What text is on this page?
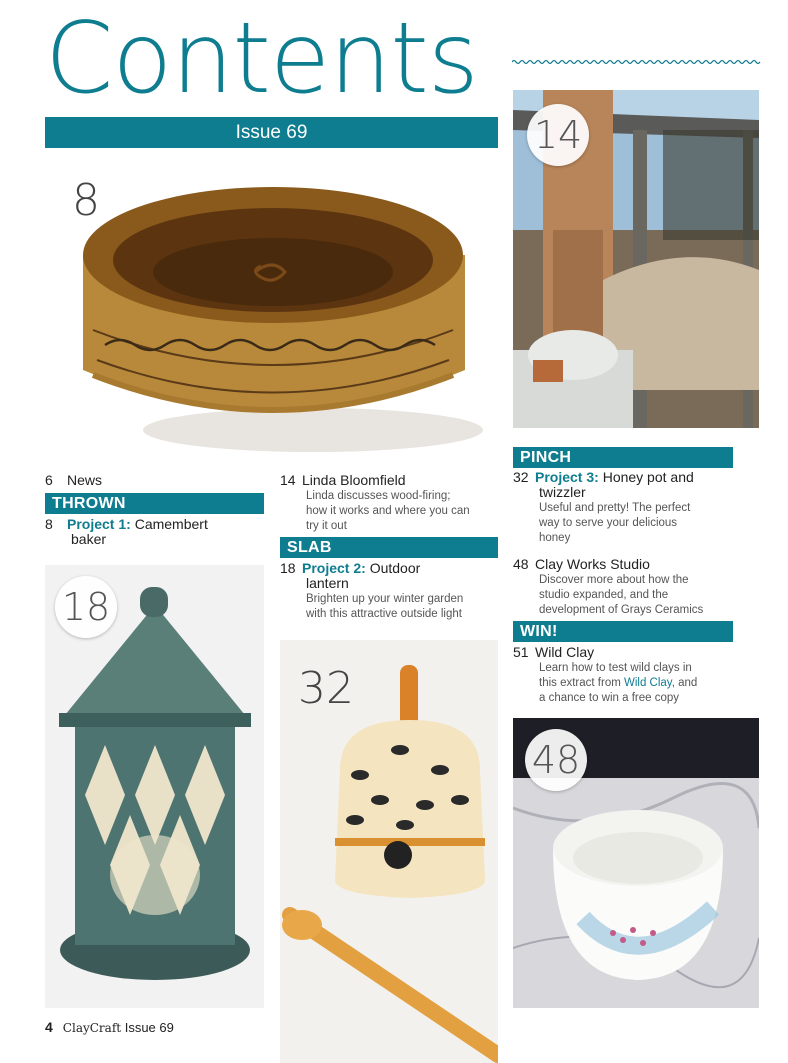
Contents
Issue 69
8
14
6 News
THROWN
8 Project 1: Camembert
baker
18
14 Linda Bloomfield
Linda discusses wood-firing;
how it works and where you can
try it out
SLAB
18 Project 2: Outdoor
lantern
Brighten up your winter garden
with this attractive outside light
32
PINCH
32 Project 3: Honey pot and
twizzler
Useful and pretty! The perfect
way to serve your delicious
honey
48 Clay Works Studio
Discover more about how the
studio expanded, and the
development of Grays Ceramics
WIN!
51 Wild Clay
Learn how to test wild clays in
this extract from Wild Clay, and
a chance to win a free copy
48
4 ClayCraft Issue 69
